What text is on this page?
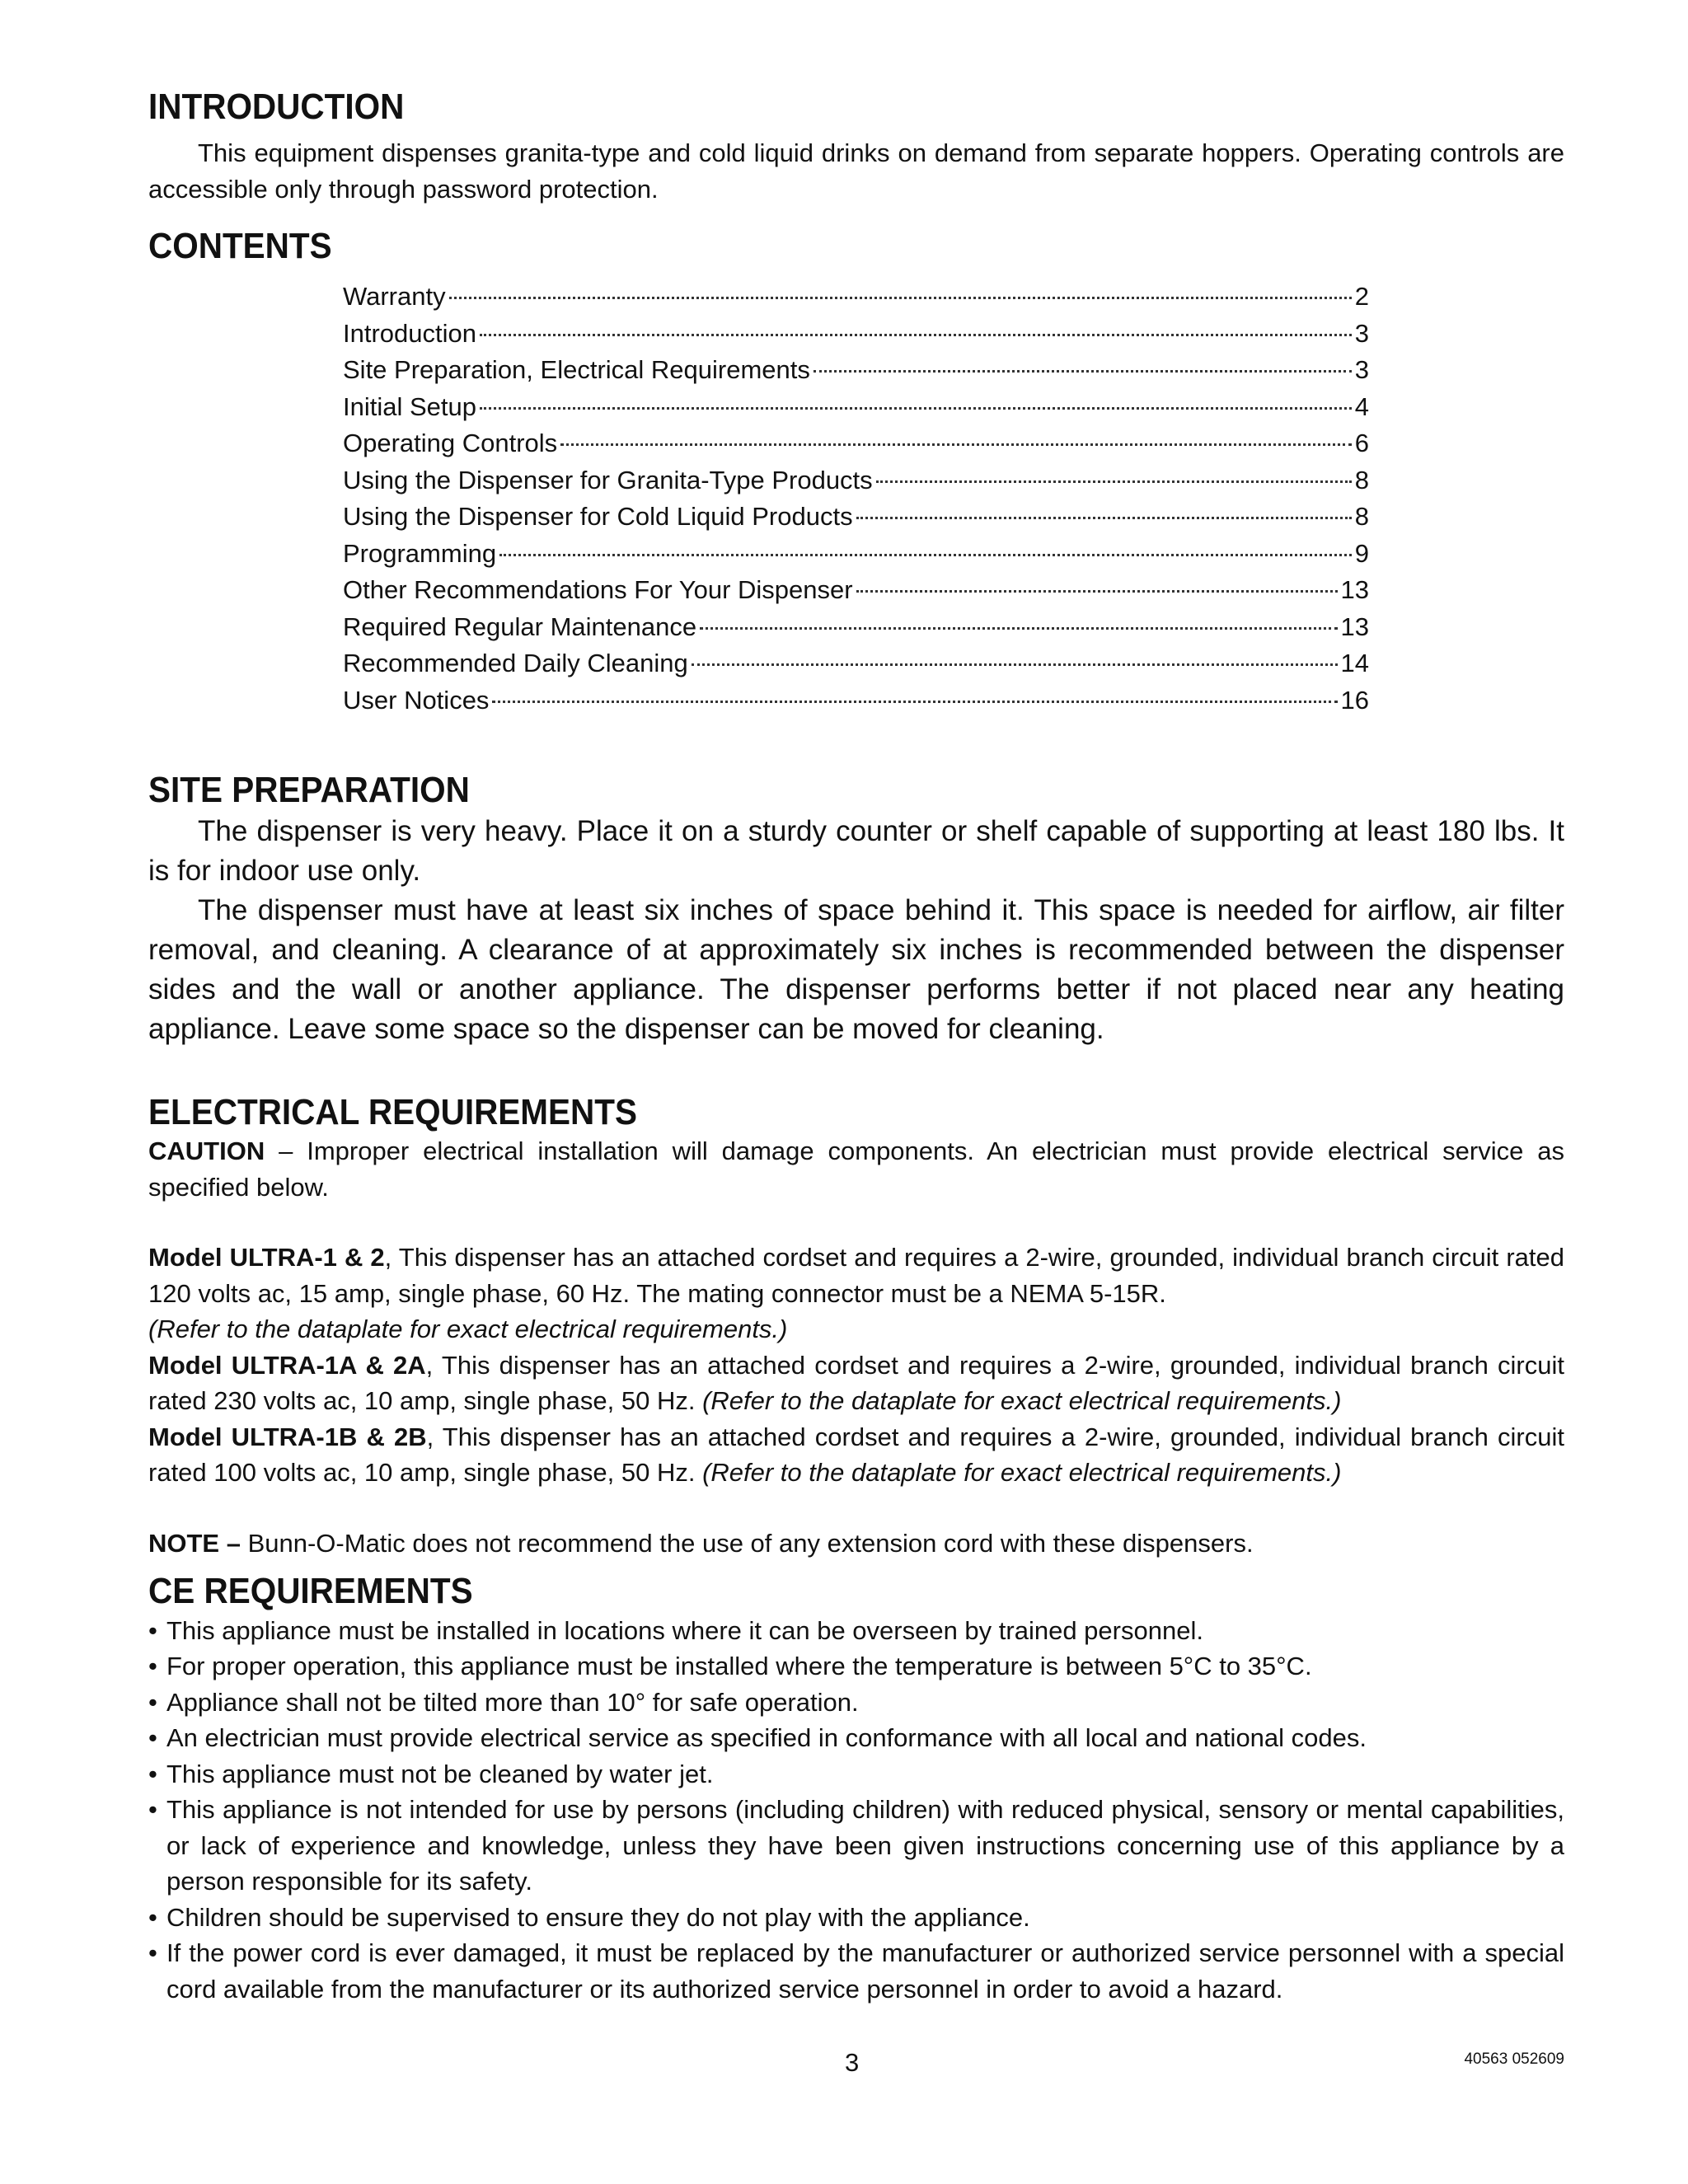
INTRODUCTION

This equipment dispenses granita-type and cold liquid drinks on demand from separate hoppers. Operating controls are accessible only through password protection.

CONTENTS
Warranty	2
Introduction	3
Site Preparation, Electrical Requirements	3
Initial Setup	4
Operating Controls	6
Using the Dispenser for Granita-Type Products	8
Using the Dispenser for Cold Liquid Products	8
Programming	9
Other Recommendations For Your Dispenser	13
Required Regular Maintenance	13
Recommended Daily Cleaning	14
User Notices	16
SITE PREPARATION

The dispenser is very heavy. Place it on a sturdy counter or shelf capable of supporting at least 180 lbs. It is for indoor use only.

The dispenser must have at least six inches of space behind it. This space is needed for airflow, air filter removal, and cleaning. A clearance of at approximately six inches is recommended between the dispenser sides and the wall or another appliance. The dispenser performs better if not placed near any heating appliance. Leave some space so the dispenser can be moved for cleaning.

ELECTRICAL REQUIREMENTS

CAUTION – Improper electrical installation will damage components. An electrician must provide electrical service as specified below.

Model ULTRA-1 & 2, This dispenser has an attached cordset and requires a 2-wire, grounded, individual branch circuit rated 120 volts ac, 15 amp, single phase, 60 Hz. The mating connector must be a NEMA 5-15R.
(Refer to the dataplate for exact electrical requirements.)

Model ULTRA-1A & 2A, This dispenser has an attached cordset and requires a 2-wire, grounded, individual branch circuit rated 230 volts ac, 10 amp, single phase, 50 Hz. (Refer to the dataplate for exact electrical requirements.)

Model ULTRA-1B & 2B, This dispenser has an attached cordset and requires a 2-wire, grounded, individual branch circuit rated 100 volts ac, 10 amp, single phase, 50 Hz. (Refer to the dataplate for exact electrical requirements.)

NOTE – Bunn-O-Matic does not recommend the use of any extension cord with these dispensers.

CE REQUIREMENTS
• This appliance must be installed in locations where it can be overseen by trained personnel.
• For proper operation, this appliance must be installed where the temperature is between 5°C to 35°C.
• Appliance shall not be tilted more than 10° for safe operation.
• An electrician must provide electrical service as specified in conformance with all local and national codes.
• This appliance must not be cleaned by water jet.
• This appliance is not intended for use by persons (including children) with reduced physical, sensory or mental capabilities, or lack of experience and knowledge, unless they have been given instructions concerning use of this appliance by a person responsible for its safety.
• Children should be supervised to ensure they do not play with the appliance.
• If the power cord is ever damaged, it must be replaced by the manufacturer or authorized service personnel with a special cord available from the manufacturer or its authorized service personnel in order to avoid a hazard.
3	40563 052609
